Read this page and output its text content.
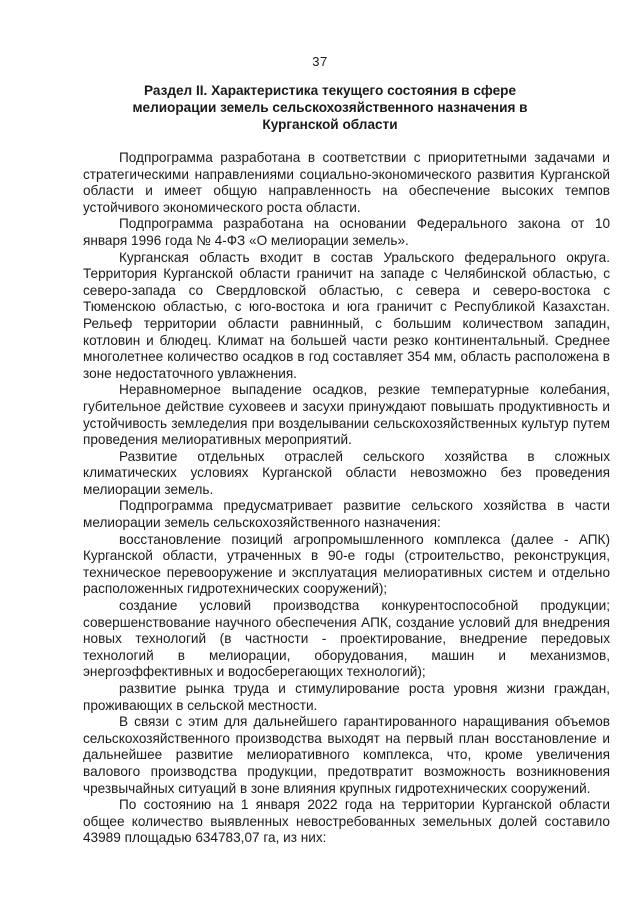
37
Раздел II. Характеристика текущего состояния в сфере мелиорации земель сельскохозяйственного назначения в Курганской области

Подпрограмма разработана в соответствии с приоритетными задачами и стратегическими направлениями социально-экономического развития Курганской области и имеет общую направленность на обеспечение высоких темпов устойчивого экономического роста области.

Подпрограмма разработана на основании Федерального закона от 10 января 1996 года № 4-ФЗ «О мелиорации земель».

Курганская область входит в состав Уральского федерального округа. Территория Курганской области граничит на западе с Челябинской областью, с северо-запада со Свердловской областью, с севера и северо-востока с Тюменскою областью, с юго-востока и юга граничит с Республикой Казахстан. Рельеф территории области равнинный, с большим количеством западин, котловин и блюдец. Климат на большей части резко континентальный. Среднее многолетнее количество осадков в год составляет 354 мм, область расположена в зоне недостаточного увлажнения.

Неравномерное выпадение осадков, резкие температурные колебания, губительное действие суховеев и засухи принуждают повышать продуктивность и устойчивость земледелия при возделывании сельскохозяйственных культур путем проведения мелиоративных мероприятий.

Развитие отдельных отраслей сельского хозяйства в сложных климатических условиях Курганской области невозможно без проведения мелиорации земель.

Подпрограмма предусматривает развитие сельского хозяйства в части мелиорации земель сельскохозяйственного назначения:

восстановление позиций агропромышленного комплекса (далее - АПК) Курганской области, утраченных в 90-е годы (строительство, реконструкция, техническое перевооружение и эксплуатация мелиоративных систем и отдельно расположенных гидротехнических сооружений);

создание условий производства конкурентоспособной продукции; совершенствование научного обеспечения АПК, создание условий для внедрения новых технологий (в частности - проектирование, внедрение передовых технологий в мелиорации, оборудования, машин и механизмов, энергоэффективных и водосберегающих технологий);

развитие рынка труда и стимулирование роста уровня жизни граждан, проживающих в сельской местности.

В связи с этим для дальнейшего гарантированного наращивания объемов сельскохозяйственного производства выходят на первый план восстановление и дальнейшее развитие мелиоративного комплекса, что, кроме увеличения валового производства продукции, предотвратит возможность возникновения чрезвычайных ситуаций в зоне влияния крупных гидротехнических сооружений.

По состоянию на 1 января 2022 года на территории Курганской области общее количество выявленных невостребованных земельных долей составило 43989 площадью 634783,07 га, из них:
